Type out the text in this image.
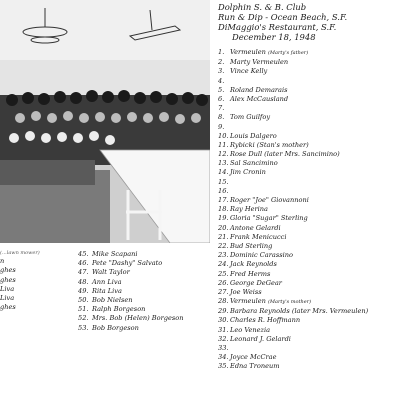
(...lawn mower)
n
ghes
ghes
Liva
Liva
ghes
45. Mike Scapani
46. Pete "Dashy" Salvato
47. Walt Taylor
48. Ann Liva
49. Rita Liva
50. Bob Nielsen
51. Ralph Borgeson
52. Mrs. Bob (Helen) Borgeson
53. Bob Borgeson
Dolphin S. & B. Club
Run & Dip - Ocean Beach, S.F.
DiMaggio's Restaurant, S.F.
December 18, 1948
1. Vermeulen (Marty's father)
2. Marty Vermeulen
3. Vince Kelly
4.
5. Roland Demarais
6. Alex McCausland
7.
8. Tom Guilfoy
9.
10. Louis Dalgero
11. Rybicki (Stan's mother)
12. Rose Dull (later Mrs. Sancimino)
13. Sal Sancimino
14. Jim Cronin
15.
16.
17. Roger "Joe" Giovannoni
18. Ray Herina
19. Gloria "Sugar" Sterling
20. Antone Gelardi
21. Frank Menicucci
22. Bud Sterling
23. Dominic Carassino
24. Jack Reynolds
25. Fred Herms
26. George DeGear
27. Joe Weiss
28. Vermeulen (Marty's mother)
29. Barbara Reynolds (later Mrs. Vermeulen)
30. Charles R. Hoffmann
31. Leo Venezia
32. Leonard J. Gelardi
33.
34. Joyce McCrae
35. Edna Troneum
